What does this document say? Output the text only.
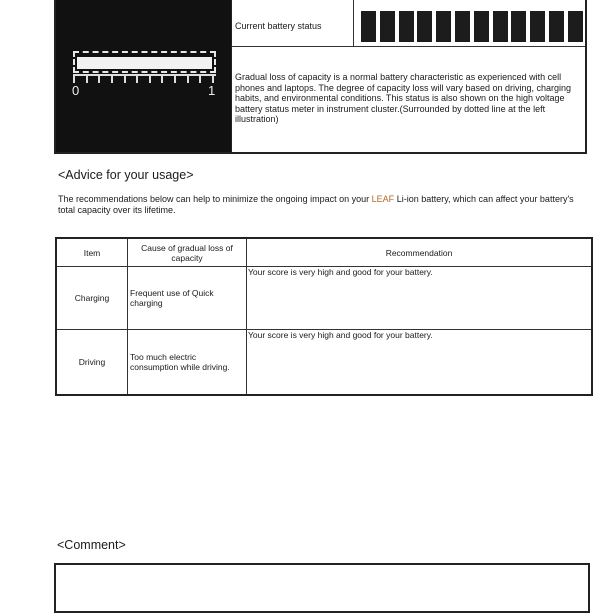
0	1
Current battery status
Gradual loss of capacity is a normal battery characteristic as experienced with cell phones and laptops. The degree of capacity loss will vary based on driving, charging habits, and environmental conditions. This status is also shown on the high voltage battery status meter in instrument cluster.(Surrounded by dotted line at the left illustration)
<Advice for your usage>
The recommendations below can help to minimize the ongoing impact on your LEAF Li-ion battery, which can affect your battery's total capacity over its lifetime.
Item	Cause of gradual loss of capacity	Recommendation
Charging	Frequent use of Quick charging	Your score is very high and good for your battery.
Driving	Too much electric consumption while driving.	Your score is very high and good for your battery.
<Comment>
